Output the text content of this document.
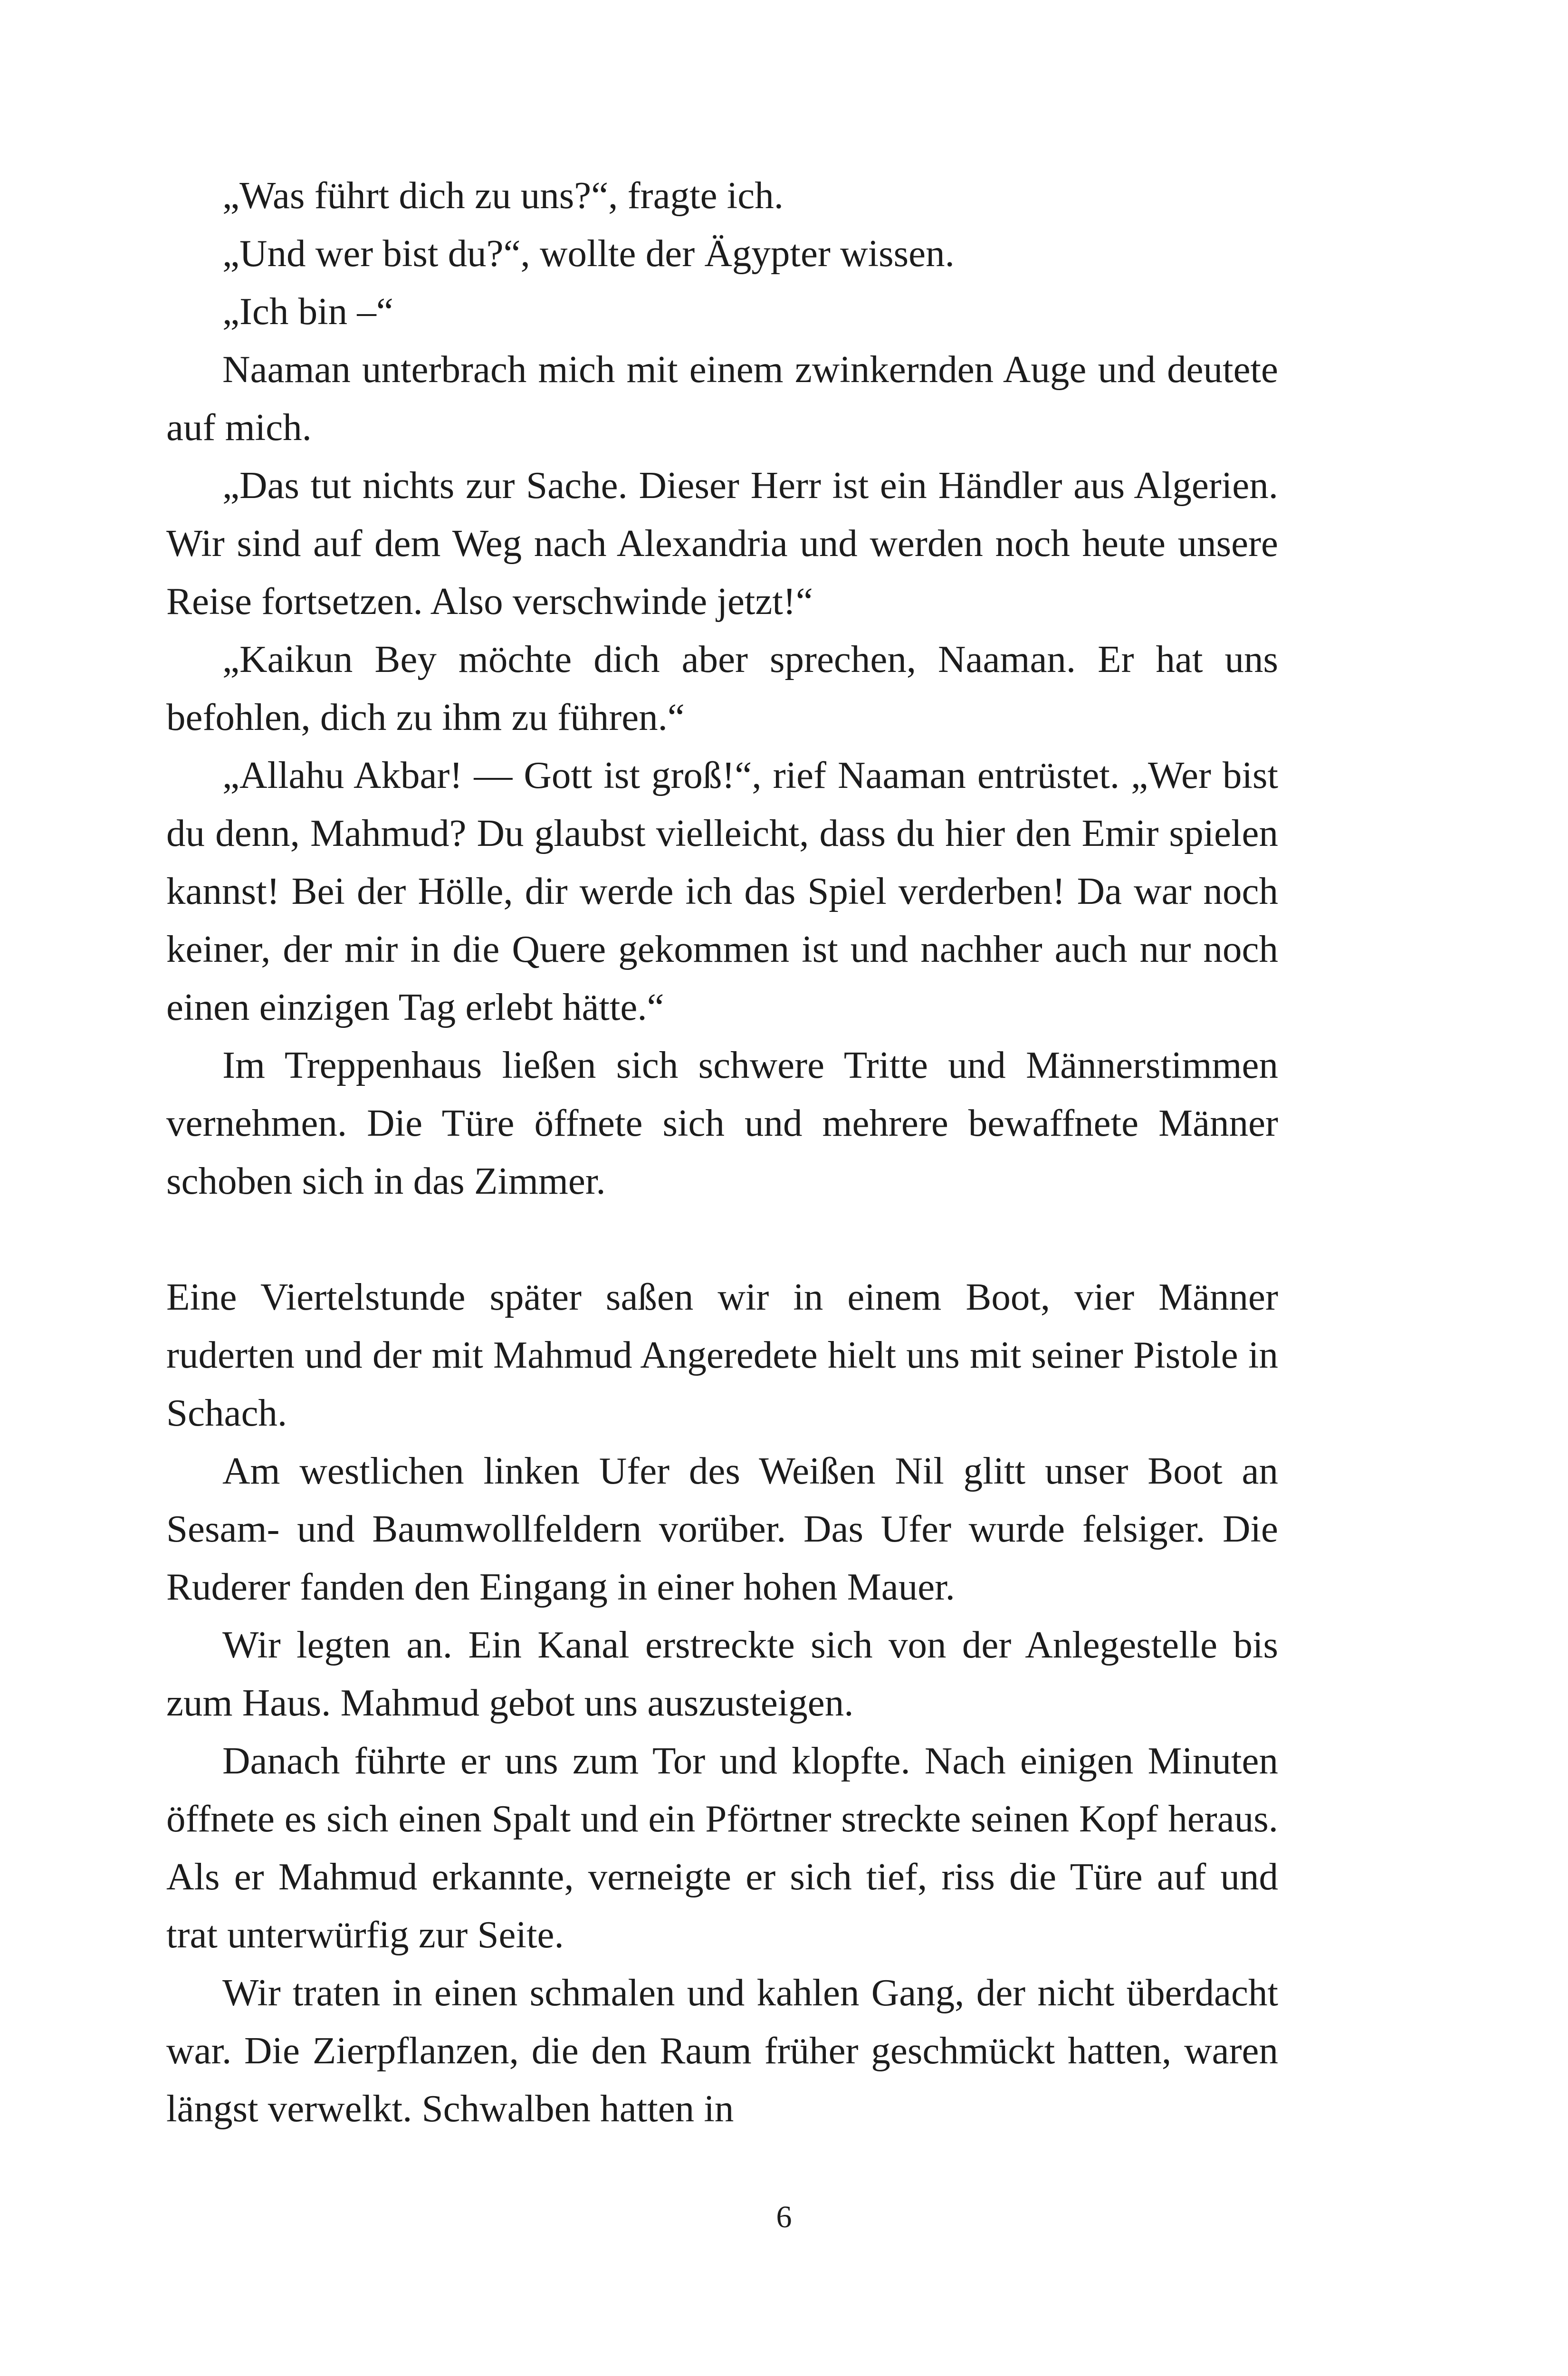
„Was führt dich zu uns?“, fragte ich.

„Und wer bist du?“, wollte der Ägypter wissen.

„Ich bin –“

Naaman unterbrach mich mit einem zwinkernden Auge und deutete auf mich.

„Das tut nichts zur Sache. Dieser Herr ist ein Händler aus Algerien. Wir sind auf dem Weg nach Alexandria und werden noch heute unsere Reise fortsetzen. Also verschwinde jetzt!“

„Kaikun Bey möchte dich aber sprechen, Naaman. Er hat uns befohlen, dich zu ihm zu führen.“

„Allahu Akbar! — Gott ist groß!“, rief Naaman entrüstet. „Wer bist du denn, Mahmud? Du glaubst vielleicht, dass du hier den Emir spielen kannst! Bei der Hölle, dir werde ich das Spiel verderben! Da war noch keiner, der mir in die Quere gekommen ist und nachher auch nur noch einen einzigen Tag erlebt hätte.“

Im Treppenhaus ließen sich schwere Tritte und Männerstimmen vernehmen. Die Türe öffnete sich und mehrere bewaffnete Männer schoben sich in das Zimmer.

Eine Viertelstunde später saßen wir in einem Boot, vier Männer ruderten und der mit Mahmud Angeredete hielt uns mit seiner Pistole in Schach.

Am westlichen linken Ufer des Weißen Nil glitt unser Boot an Sesam- und Baumwollfeldern vorüber. Das Ufer wurde felsiger. Die Ruderer fanden den Eingang in einer hohen Mauer.

Wir legten an. Ein Kanal erstreckte sich von der Anlegestelle bis zum Haus. Mahmud gebot uns auszusteigen.

Danach führte er uns zum Tor und klopfte. Nach einigen Minuten öffnete es sich einen Spalt und ein Pförtner streckte seinen Kopf heraus. Als er Mahmud erkannte, verneigte er sich tief, riss die Türe auf und trat unterwürfig zur Seite.

Wir traten in einen schmalen und kahlen Gang, der nicht überdacht war. Die Zierpflanzen, die den Raum früher geschmückt hatten, waren längst verwelkt. Schwalben hatten in

6
